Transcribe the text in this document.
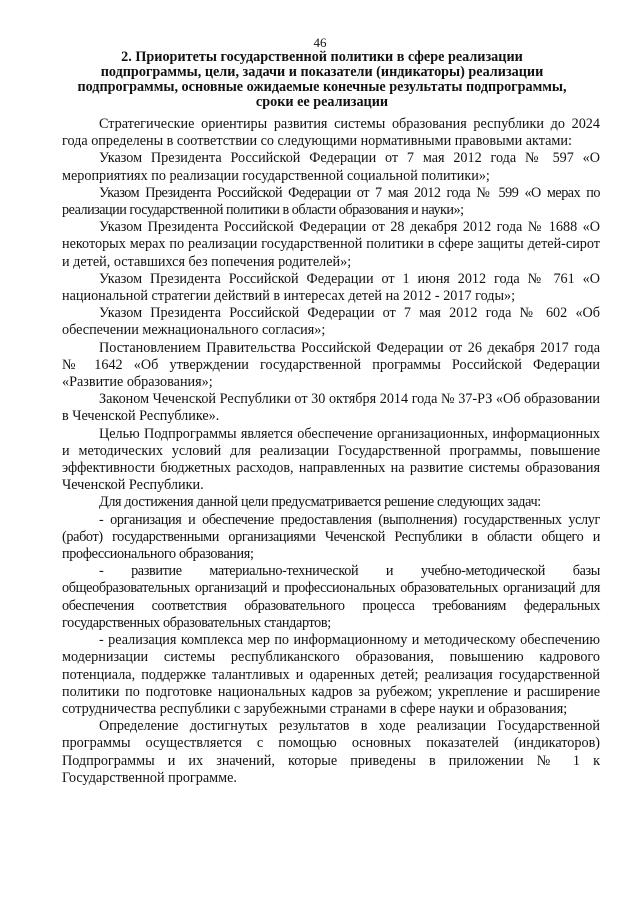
46
2. Приоритеты государственной политики в сфере реализации
подпрограммы, цели, задачи и показатели (индикаторы) реализации
подпрограммы, основные ожидаемые конечные результаты подпрограммы,
сроки ее реализации

Стратегические ориентиры развития системы образования республики до 2024 года определены в соответствии со следующими нормативными правовыми актами:

Указом Президента Российской Федерации от 7 мая 2012 года № 597 «О мероприятиях по реализации государственной социальной политики»;

Указом Президента Российской Федерации от 7 мая 2012 года № 599 «О мерах по реализации государственной политики в области образования и науки»;

Указом Президента Российской Федерации от 28 декабря 2012 года № 1688 «О некоторых мерах по реализации государственной политики в сфере защиты детей-сирот и детей, оставшихся без попечения родителей»;

Указом Президента Российской Федерации от 1 июня 2012 года № 761 «О национальной стратегии действий в интересах детей на 2012 - 2017 годы»;

Указом Президента Российской Федерации от 7 мая 2012 года № 602 «Об обеспечении межнационального согласия»;

Постановлением Правительства Российской Федерации от 26 декабря 2017 года № 1642 «Об утверждении государственной программы Российской Федерации «Развитие образования»;

Законом Чеченской Республики от 30 октября 2014 года № 37-РЗ «Об образовании в Чеченской Республике».

Целью Подпрограммы является обеспечение организационных, информационных и методических условий для реализации Государственной программы, повышение эффективности бюджетных расходов, направленных на развитие системы образования Чеченской Республики.

Для достижения данной цели предусматривается решение следующих задач:

- организация и обеспечение предоставления (выполнения) государственных услуг (работ) государственными организациями Чеченской Республики в области общего и профессионального образования;

- развитие материально-технической и учебно-методической базы общеобразовательных организаций и профессиональных образовательных организаций для обеспечения соответствия образовательного процесса требованиям федеральных государственных образовательных стандартов;

- реализация комплекса мер по информационному и методическому обеспечению модернизации системы республиканского образования, повышению кадрового потенциала, поддержке талантливых и одаренных детей; реализация государственной политики по подготовке национальных кадров за рубежом; укрепление и расширение сотрудничества республики с зарубежными странами в сфере науки и образования;

Определение достигнутых результатов в ходе реализации Государственной программы осуществляется с помощью основных показателей (индикаторов) Подпрограммы и их значений, которые приведены в приложении № 1 к Государственной программе.
